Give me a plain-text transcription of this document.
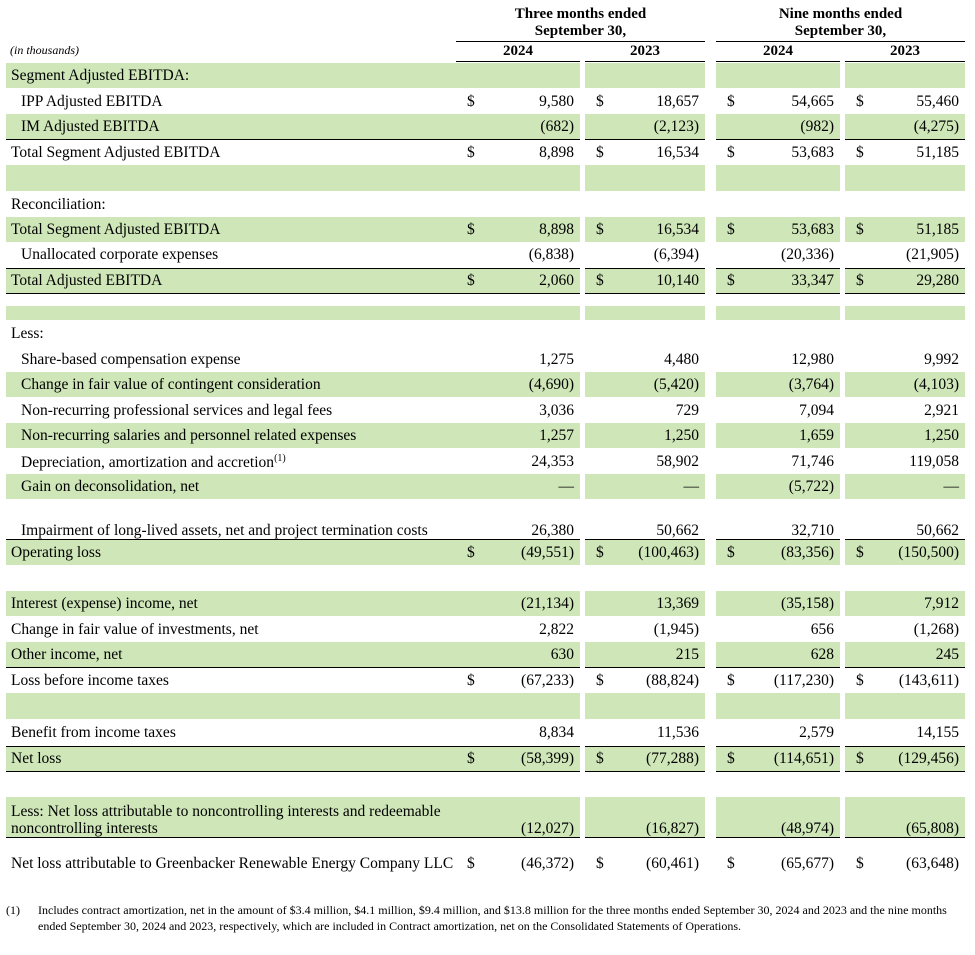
Three months ended
September 30,
Nine months ended
September 30,
(in thousands)	2024	2023	2024	2023
Segment Adjusted EBITDA:											
IPP Adjusted EBITDA	$	9,580		$	18,657		$	54,665		$	55,460
IM Adjusted EBITDA		(682)			(2,123)			(982)			(4,275)
Total Segment Adjusted EBITDA	$	8,898		$	16,534		$	53,683		$	51,185

Reconciliation:											
Total Segment Adjusted EBITDA	$	8,898		$	16,534		$	53,683		$	51,185
Unallocated corporate expenses		(6,838)			(6,394)			(20,336)			(21,905)
Total Adjusted EBITDA	$	2,060		$	10,140		$	33,347		$	29,280

Less:											
Share-based compensation expense		1,275			4,480			12,980			9,992
Change in fair value of contingent consideration		(4,690)			(5,420)			(3,764)			(4,103)
Non-recurring professional services and legal fees		3,036			729			7,094			2,921
Non-recurring salaries and personnel related expenses		1,257			1,250			1,659			1,250
Depreciation, amortization and accretion$^{(1)}$		24,353			58,902			71,746			119,058
Gain on deconsolidation, net		—			—			(5,722)			—
Impairment of long-lived assets, net and project termination costs		26,380			50,662			32,710			50,662
Operating loss	$	(49,551)		$	(100,463)		$	(83,356)		$	(150,500)

Interest (expense) income, net		(21,134)			13,369			(35,158)			7,912
Change in fair value of investments, net		2,822			(1,945)			656			(1,268)
Other income, net		630			215			628			245
Loss before income taxes	$	(67,233)		$	(88,824)		$	(117,230)		$	(143,611)

Benefit from income taxes		8,834			11,536			2,579			14,155
Net loss	$	(58,399)		$	(77,288)		$	(114,651)		$	(129,456)

Less: Net loss attributable to noncontrolling interests and redeemable noncontrolling interests		(12,027)			(16,827)			(48,974)			(65,808)
Net loss attributable to Greenbacker Renewable Energy Company LLC	$	(46,372)		$	(60,461)		$	(65,677)		$	(63,648)
(1)	Includes contract amortization, net in the amount of $3.4 million, $4.1 million, $9.4 million, and $13.8 million for the three months ended September 30, 2024 and 2023 and the nine months ended September 30, 2024 and 2023, respectively, which are included in Contract amortization, net on the Consolidated Statements of Operations.
